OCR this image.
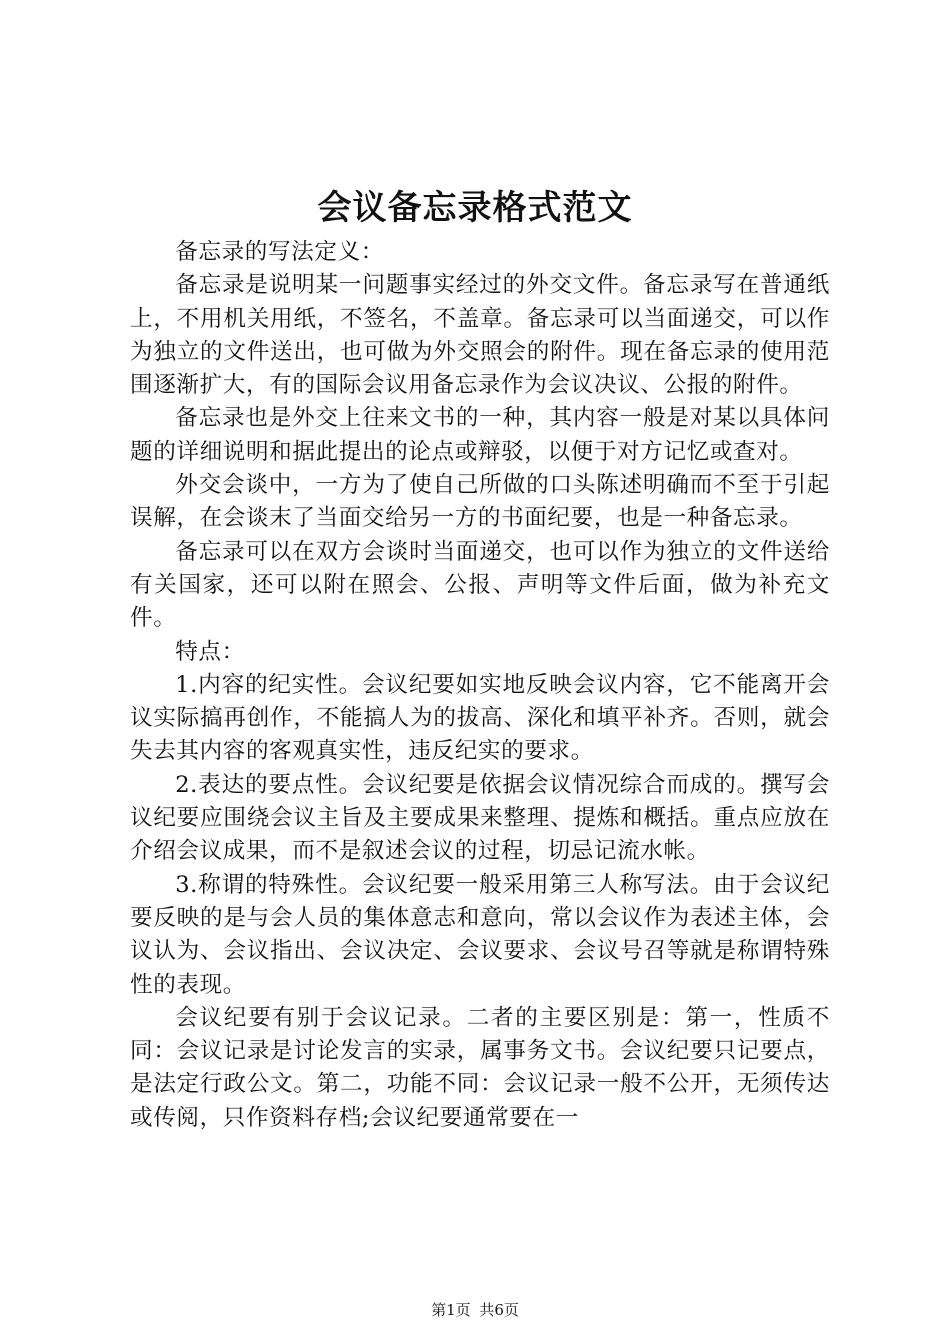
会议备忘录格式范文

备忘录的写法定义：

备忘录是说明某一问题事实经过的外交文件。备忘录写在普通纸上，不用机关用纸，不签名，不盖章。备忘录可以当面递交，可以作为独立的文件送出，也可做为外交照会的附件。现在备忘录的使用范围逐渐扩大，有的国际会议用备忘录作为会议决议、公报的附件。

备忘录也是外交上往来文书的一种，其内容一般是对某以具体问题的详细说明和据此提出的论点或辩驳，以便于对方记忆或查对。

外交会谈中，一方为了使自己所做的口头陈述明确而不至于引起误解，在会谈末了当面交给另一方的书面纪要，也是一种备忘录。

备忘录可以在双方会谈时当面递交，也可以作为独立的文件送给有关国家，还可以附在照会、公报、声明等文件后面，做为补充文件。

特点：

1.内容的纪实性。会议纪要如实地反映会议内容，它不能离开会议实际搞再创作，不能搞人为的拔高、深化和填平补齐。否则，就会失去其内容的客观真实性，违反纪实的要求。

2.表达的要点性。会议纪要是依据会议情况综合而成的。撰写会议纪要应围绕会议主旨及主要成果来整理、提炼和概括。重点应放在介绍会议成果，而不是叙述会议的过程，切忌记流水帐。

3.称谓的特殊性。会议纪要一般采用第三人称写法。由于会议纪要反映的是与会人员的集体意志和意向，常以会议作为表述主体，会议认为、会议指出、会议决定、会议要求、会议号召等就是称谓特殊性的表现。

会议纪要有别于会议记录。二者的主要区别是：第一，性质不同：会议记录是讨论发言的实录，属事务文书。会议纪要只记要点，是法定行政公文。第二，功能不同：会议记录一般不公开，无须传达或传阅，只作资料存档;会议纪要通常要在一

第1页 共6页
